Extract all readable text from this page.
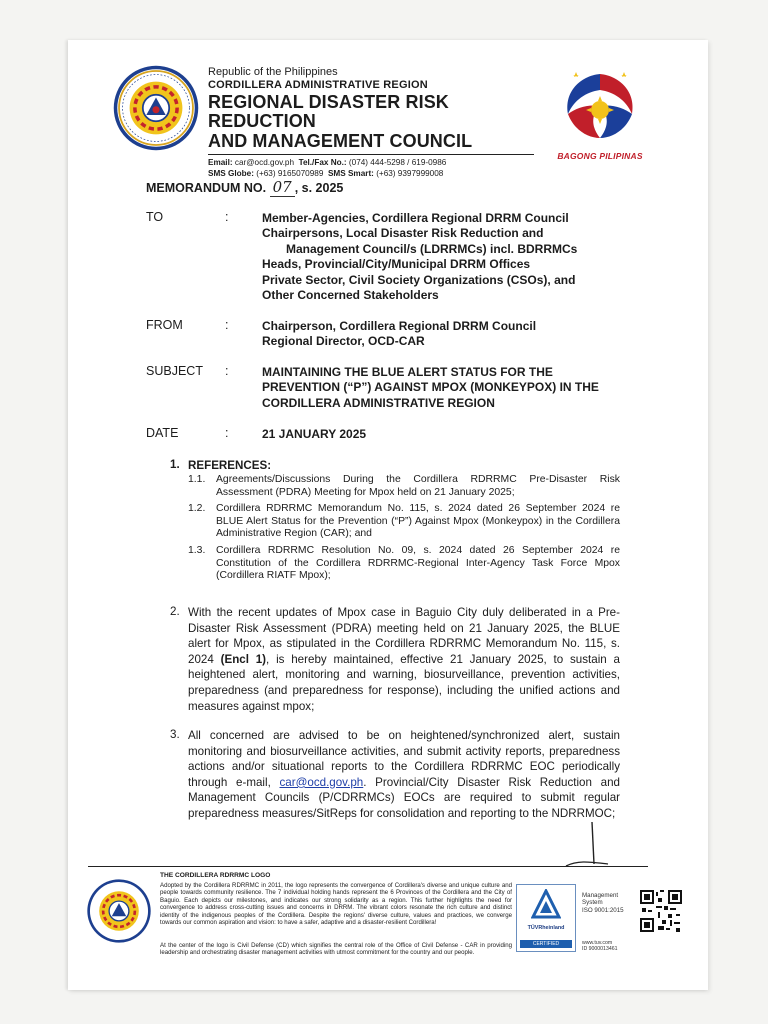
Republic of the Philippines
CORDILLERA ADMINISTRATIVE REGION
REGIONAL DISASTER RISK REDUCTION
AND MANAGEMENT COUNCIL
Email: car@ocd.gov.ph Tel./Fax No.: (074) 444-5298 / 619-0986
SMS Globe: (+63) 9165070989 SMS Smart: (+63) 9397999008
BAGONG PILIPINAS
MEMORANDUM NO. 07 , s. 2025
TO	:	Member-Agencies, Cordillera Regional DRRM Council
Chairpersons, Local Disaster Risk Reduction and
Management Council/s (LDRRMCs) incl. BDRRMCs
Heads, Provincial/City/Municipal DRRM Offices
Private Sector, Civil Society Organizations (CSOs), and
Other Concerned Stakeholders
FROM	:	Chairperson, Cordillera Regional DRRM Council
Regional Director, OCD-CAR
SUBJECT :	MAINTAINING THE BLUE ALERT STATUS FOR THE
PREVENTION (“P”) AGAINST MPOX (MONKEYPOX) IN THE
CORDILLERA ADMINISTRATIVE REGION
DATE	:	21 JANUARY 2025
1. REFERENCES:
1.1. Agreements/Discussions During the Cordillera RDRRMC Pre-Disaster Risk Assessment (PDRA) Meeting for Mpox held on 21 January 2025;
1.2. Cordillera RDRRMC Memorandum No. 115, s. 2024 dated 26 September 2024 re BLUE Alert Status for the Prevention (“P”) Against Mpox (Monkeypox) in the Cordillera Administrative Region (CAR); and
1.3. Cordillera RDRRMC Resolution No. 09, s. 2024 dated 26 September 2024 re Constitution of the Cordillera RDRRMC-Regional Inter-Agency Task Force Mpox (Cordillera RIATF Mpox);
2. With the recent updates of Mpox case in Baguio City duly deliberated in a Pre-Disaster Risk Assessment (PDRA) meeting held on 21 January 2025, the BLUE alert for Mpox, as stipulated in the Cordillera RDRRMC Memorandum No. 115, s. 2024 (Encl 1), is hereby maintained, effective 21 January 2025, to sustain a heightened alert, monitoring and warning, biosurveillance, prevention activities, preparedness (and preparedness for response), including the unified actions and measures against mpox;
3. All concerned are advised to be on heightened/synchronized alert, sustain monitoring and biosurveillance activities, and submit activity reports, preparedness actions and/or situational reports to the Cordillera RDRRMC EOC periodically through e-mail, car@ocd.gov.ph. Provincial/City Disaster Risk Reduction and Management Councils (P/CDRRMCs) EOCs are required to submit regular preparedness measures/SitReps for consolidation and reporting to the NDRRMOC;
THE CORDILLERA RDRRMC LOGO
Adopted by the Cordillera RDRRMC in 2011, the logo represents the convergence of Cordillera's diverse and unique culture and people towards community resilience. The 7 individual holding hands represent the 6 Provinces of the Cordillera and the City of Baguio. Each depicts our milestones, and indicates our strong solidarity as a region. This further highlights the need for convergence to address cross-cutting issues and concerns in DRRM. The vibrant colors resonate the rich culture and distinct identity of the indigenous peoples of the Cordillera. Despite the regions' diverse culture, values and practices, we converge towards our common aspiration and vision: to have a safer, adaptive and a disaster-resilient Cordillera!
At the center of the logo is Civil Defense (CD) which signifies the central role of the Office of Civil Defense - CAR in providing leadership and orchestrating disaster management activities with utmost commitment for the country and our people.
TÜVRheinland
CERTIFIED
Management
System
ISO 9001:2015
www.tuv.com
ID 9000013461
